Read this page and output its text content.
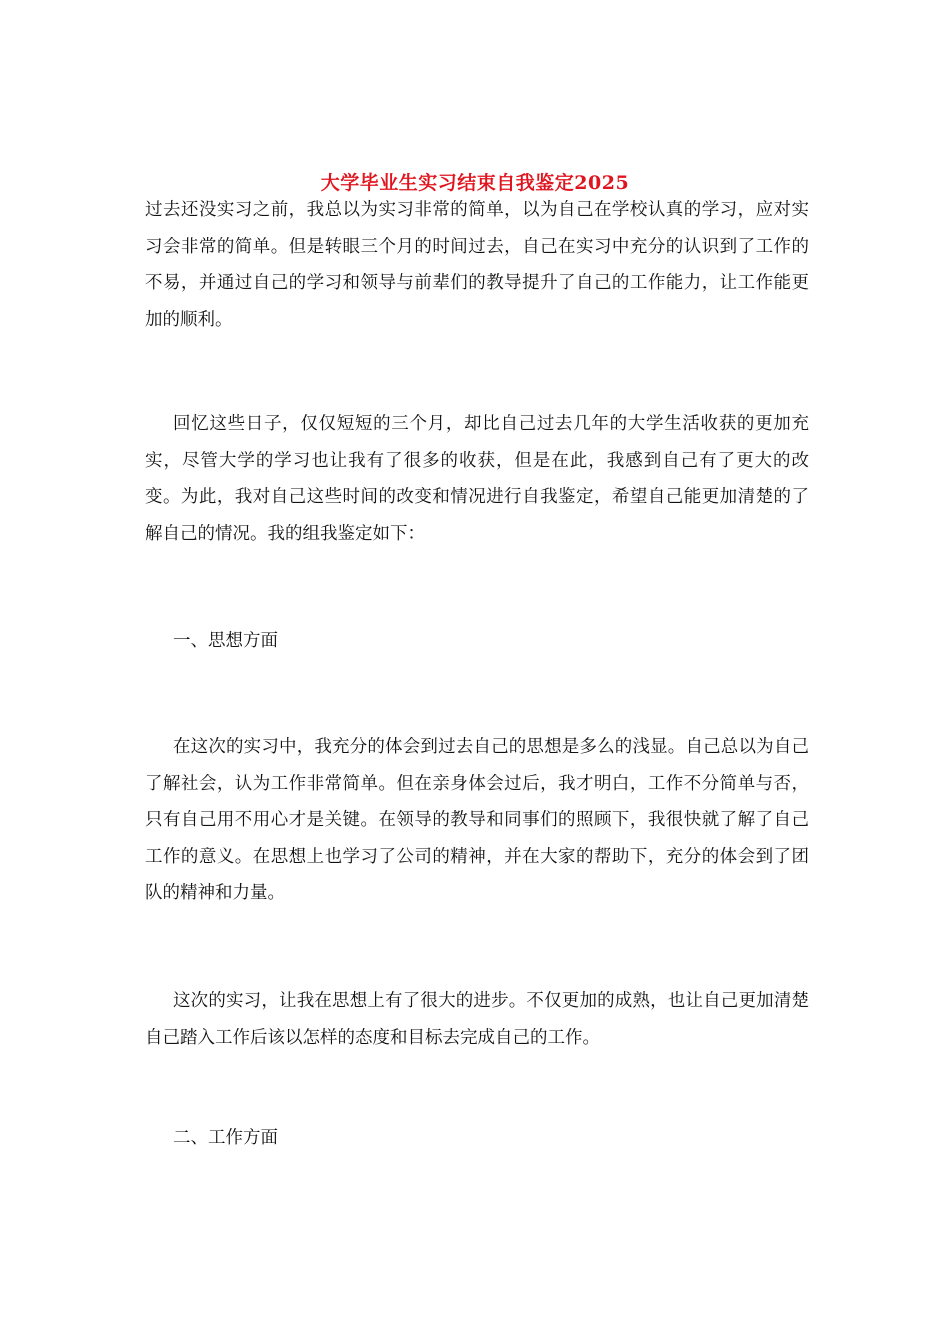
大学毕业生实习结束自我鉴定2025

过去还没实习之前，我总以为实习非常的简单，以为自己在学校认真的学习，应对实习会非常的简单。但是转眼三个月的时间过去，自己在实习中充分的认识到了工作的不易，并通过自己的学习和领导与前辈们的教导提升了自己的工作能力，让工作能更加的顺利。

回忆这些日子，仅仅短短的三个月，却比自己过去几年的大学生活收获的更加充实，尽管大学的学习也让我有了很多的收获，但是在此，我感到自己有了更大的改变。为此，我对自己这些时间的改变和情况进行自我鉴定，希望自己能更加清楚的了解自己的情况。我的组我鉴定如下：

一、思想方面

在这次的实习中，我充分的体会到过去自己的思想是多么的浅显。自己总以为自己了解社会，认为工作非常简单。但在亲身体会过后，我才明白，工作不分简单与否，只有自己用不用心才是关键。在领导的教导和同事们的照顾下，我很快就了解了自己工作的意义。在思想上也学习了公司的精神，并在大家的帮助下，充分的体会到了团队的精神和力量。

这次的实习，让我在思想上有了很大的进步。不仅更加的成熟，也让自己更加清楚自己踏入工作后该以怎样的态度和目标去完成自己的工作。

二、工作方面
